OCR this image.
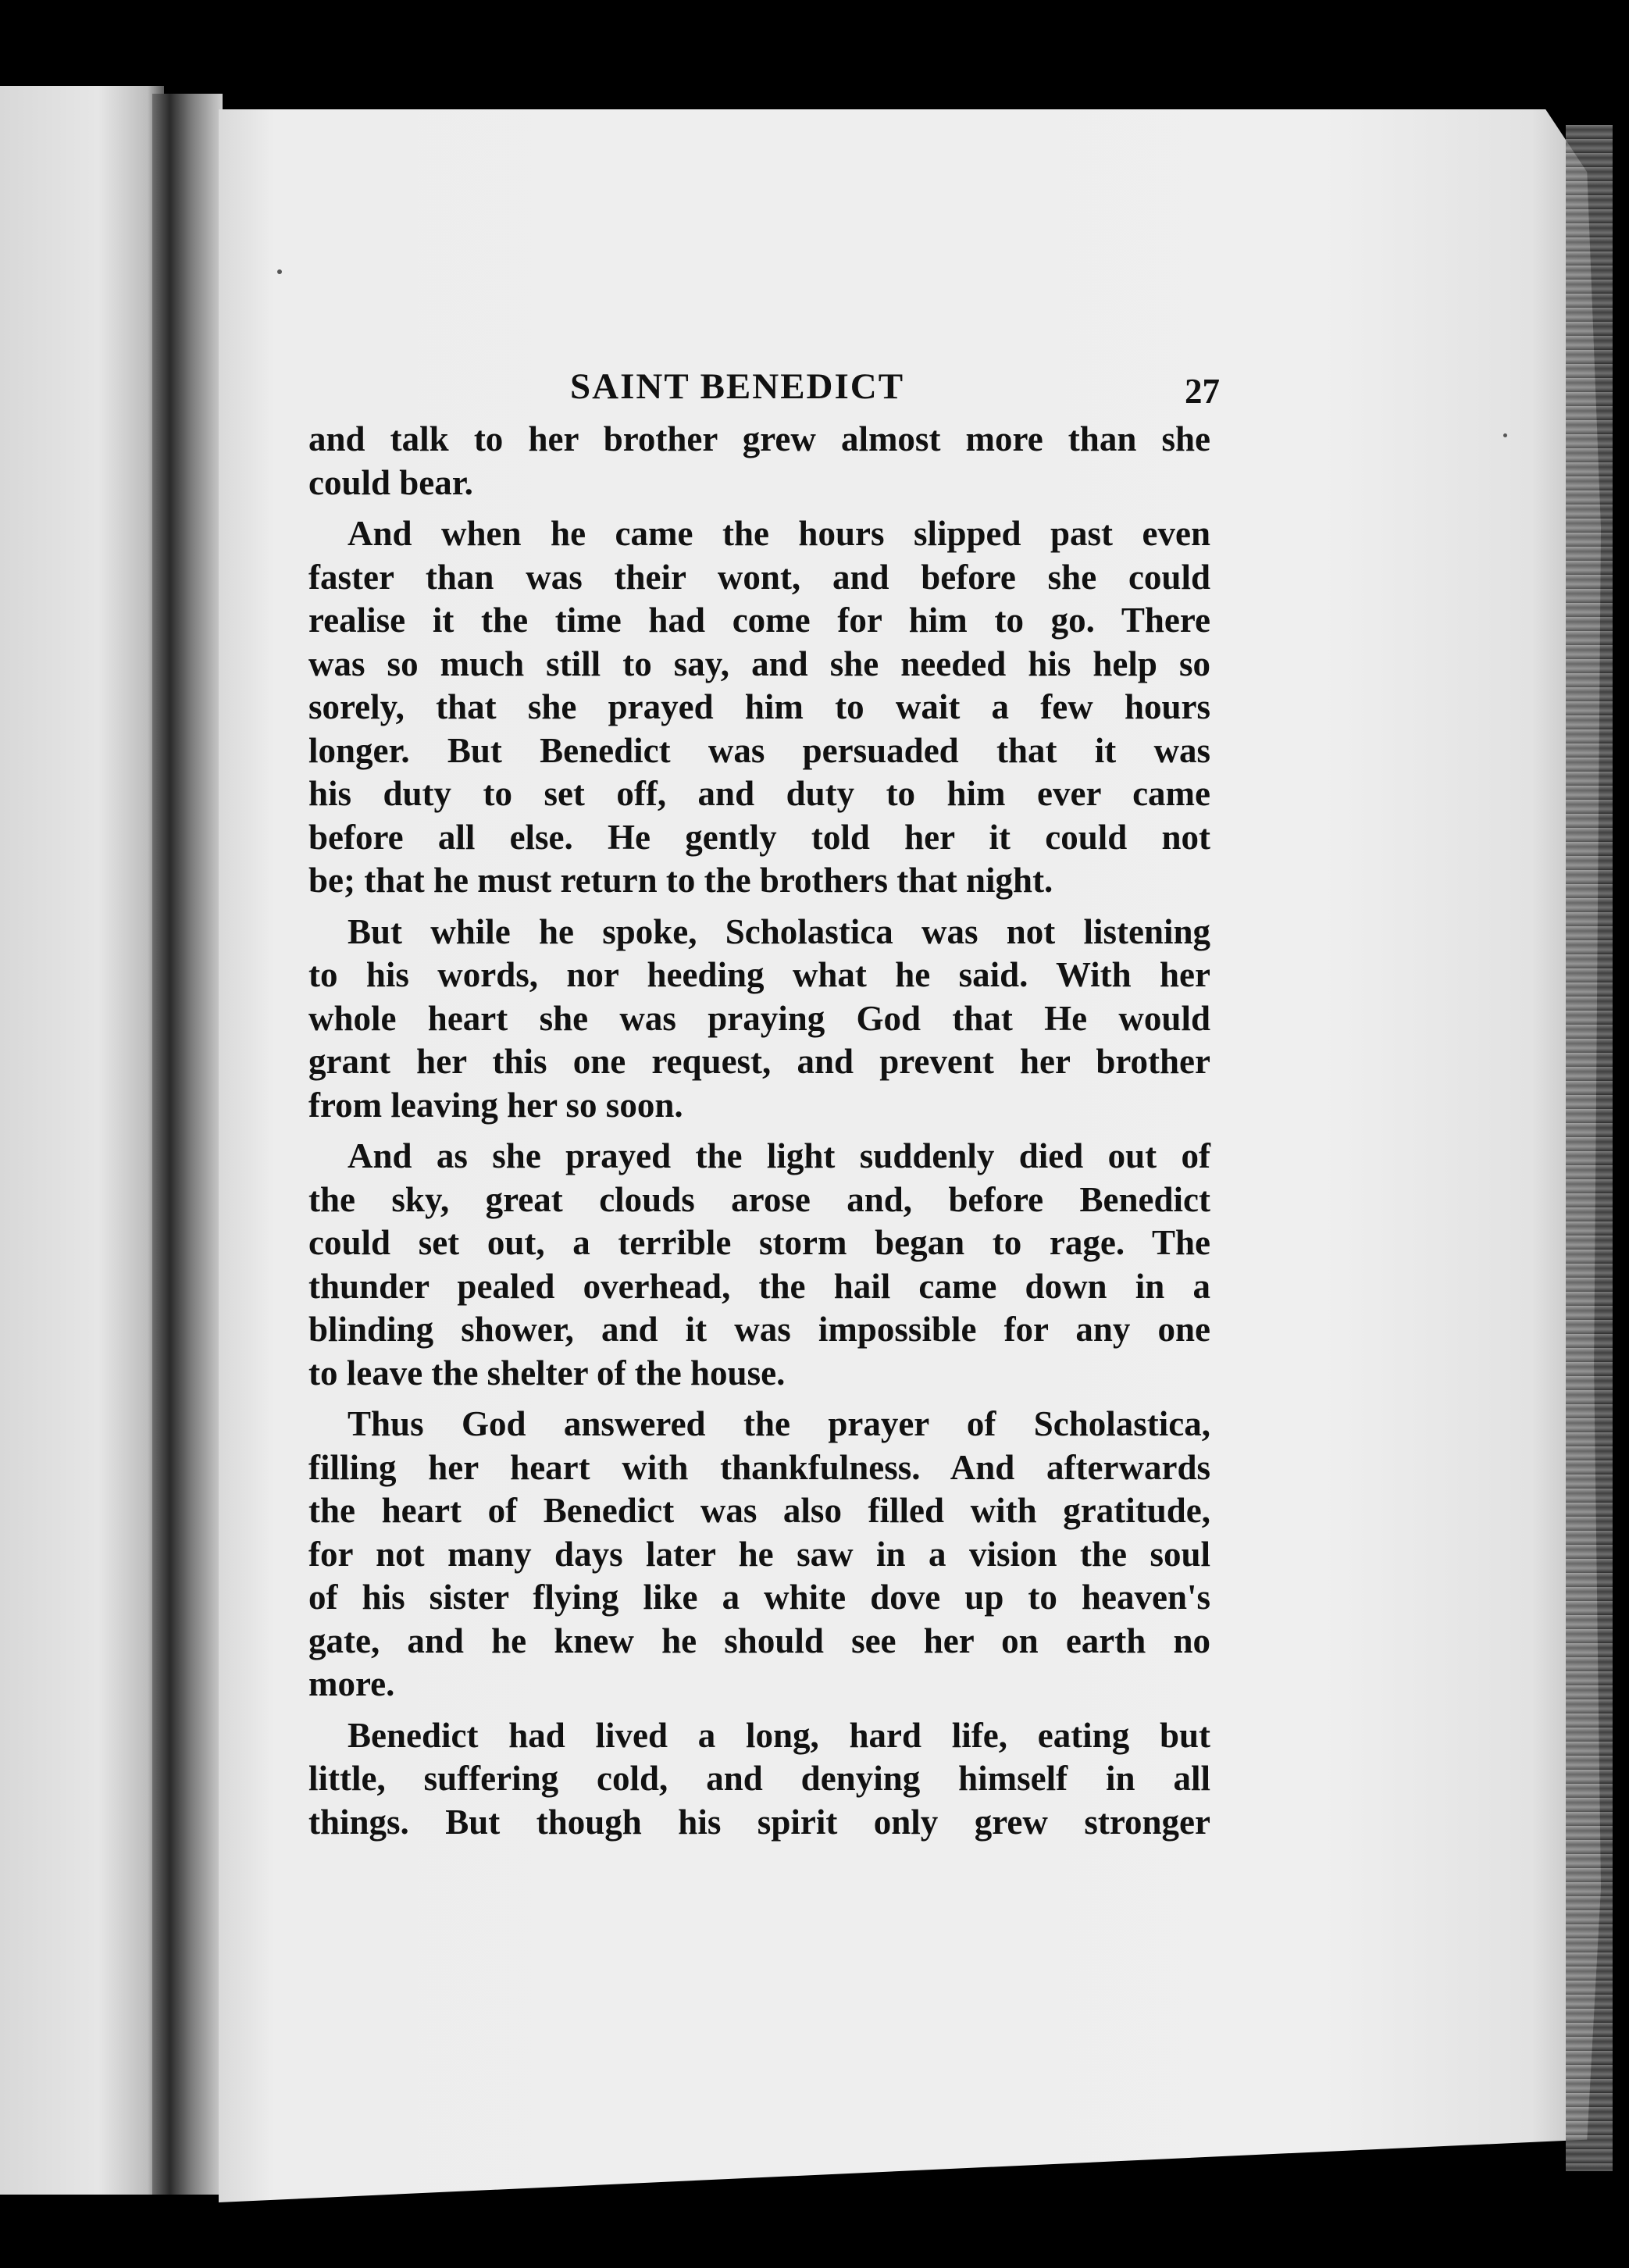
SAINT BENEDICT	27
and talk to her brother grew almost more than she
could bear.
And when he came the hours slipped past even
faster than was their wont, and before she could
realise it the time had come for him to go. There
was so much still to say, and she needed his help so
sorely, that she prayed him to wait a few hours
longer. But Benedict was persuaded that it was
his duty to set off, and duty to him ever came
before all else. He gently told her it could not
be; that he must return to the brothers that night.
But while he spoke, Scholastica was not listening
to his words, nor heeding what he said. With her
whole heart she was praying God that He would
grant her this one request, and prevent her brother
from leaving her so soon.
And as she prayed the light suddenly died out of
the sky, great clouds arose and, before Benedict
could set out, a terrible storm began to rage. The
thunder pealed overhead, the hail came down in a
blinding shower, and it was impossible for any one
to leave the shelter of the house.
Thus God answered the prayer of Scholastica,
filling her heart with thankfulness. And afterwards
the heart of Benedict was also filled with gratitude,
for not many days later he saw in a vision the soul
of his sister flying like a white dove up to heaven's
gate, and he knew he should see her on earth no
more.
Benedict had lived a long, hard life, eating but
little, suffering cold, and denying himself in all
things. But though his spirit only grew stronger
